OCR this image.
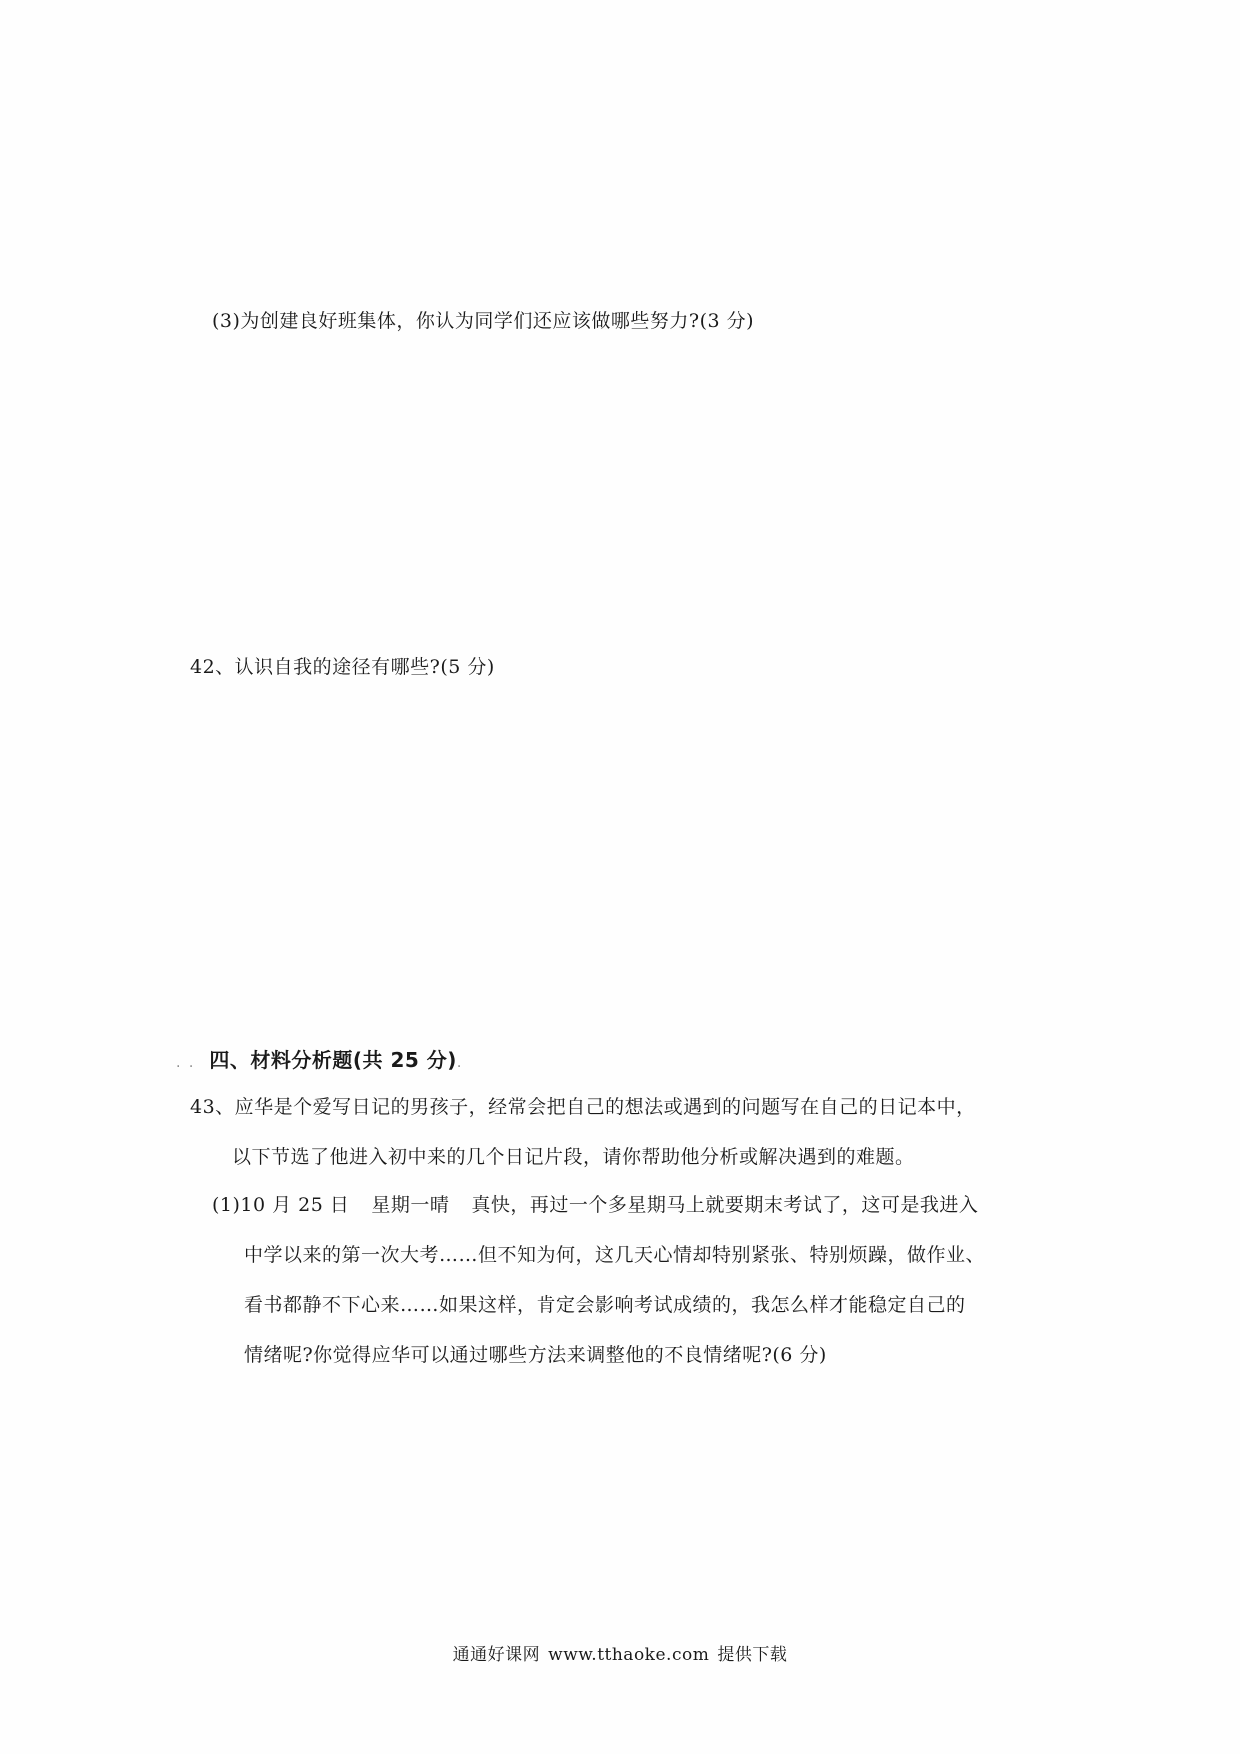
(3)为创建良好班集体，你认为同学们还应该做哪些努力?(3 分)
42、认识自我的途径有哪些?(5 分)
. . 四、材料分析题(共 25 分).
43、应华是个爱写日记的男孩子，经常会把自己的想法或遇到的问题写在自己的日记本中，
以下节选了他进入初中来的几个日记片段，请你帮助他分析或解决遇到的难题。
(1)10 月 25 日 星期一晴 真快，再过一个多星期马上就要期末考试了，这可是我进入
中学以来的第一次大考……但不知为何，这几天心情却特别紧张、特别烦躁，做作业、
看书都静不下心来……如果这样，肯定会影响考试成绩的，我怎么样才能稳定自己的
情绪呢?你觉得应华可以通过哪些方法来调整他的不良情绪呢?(6 分)
通通好课网 www.tthaoke.com 提供下载
